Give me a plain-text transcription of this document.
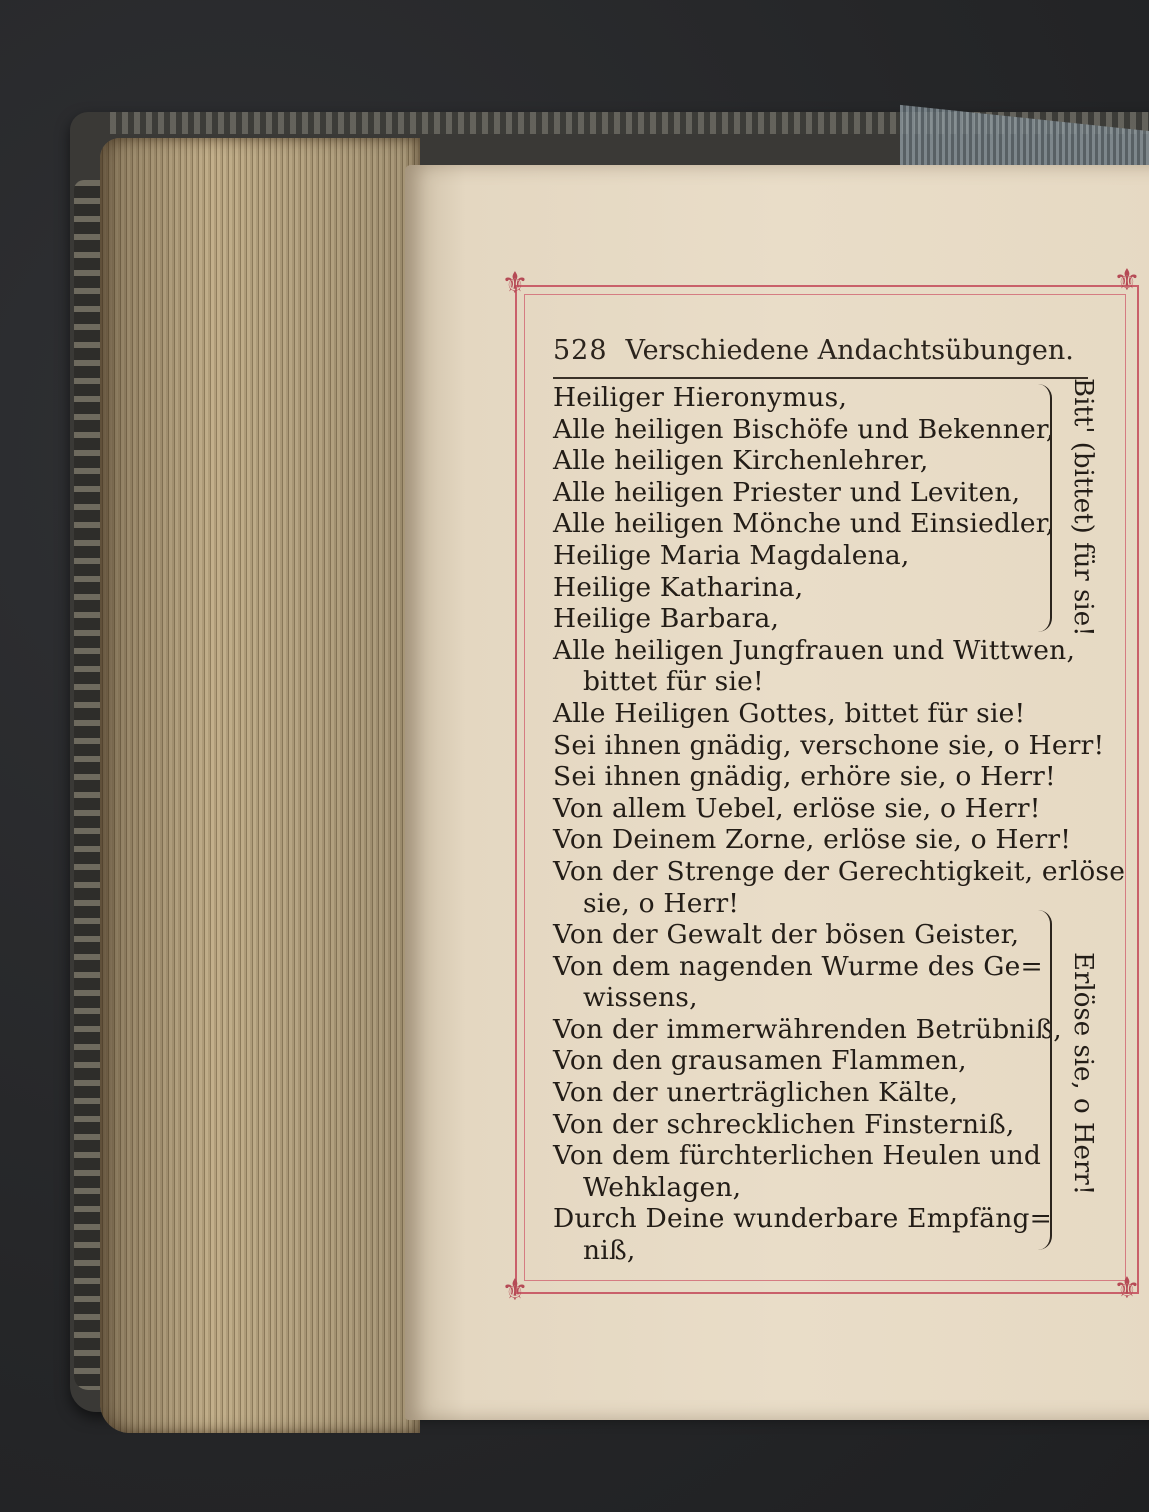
⚜	⚜
⚜	⚜
528 Verschiedene Andachtsübungen.
Heiliger Hieronymus,
Alle heiligen Bischöfe und Bekenner,
Alle heiligen Kirchenlehrer,
Alle heiligen Priester und Leviten,
Alle heiligen Mönche und Einsiedler,
Heilige Maria Magdalena,
Heilige Katharina,
Heilige Barbara,
Alle heiligen Jungfrauen und Wittwen,
bittet für sie!
Alle Heiligen Gottes, bittet für sie!
Sei ihnen gnädig, verschone sie, o Herr!
Sei ihnen gnädig, erhöre sie, o Herr!
Von allem Uebel, erlöse sie, o Herr!
Von Deinem Zorne, erlöse sie, o Herr!
Von der Strenge der Gerechtigkeit, erlöse
sie, o Herr!
Von der Gewalt der bösen Geister,
Von dem nagenden Wurme des Ge=
wissens,
Von der immerwährenden Betrübniß,
Von den grausamen Flammen,
Von der unerträglichen Kälte,
Von der schrecklichen Finsterniß,
Von dem fürchterlichen Heulen und
Wehklagen,
Durch Deine wunderbare Empfäng=
niß,
Bitt' (bittet) für sie!
Erlöse sie, o Herr!
